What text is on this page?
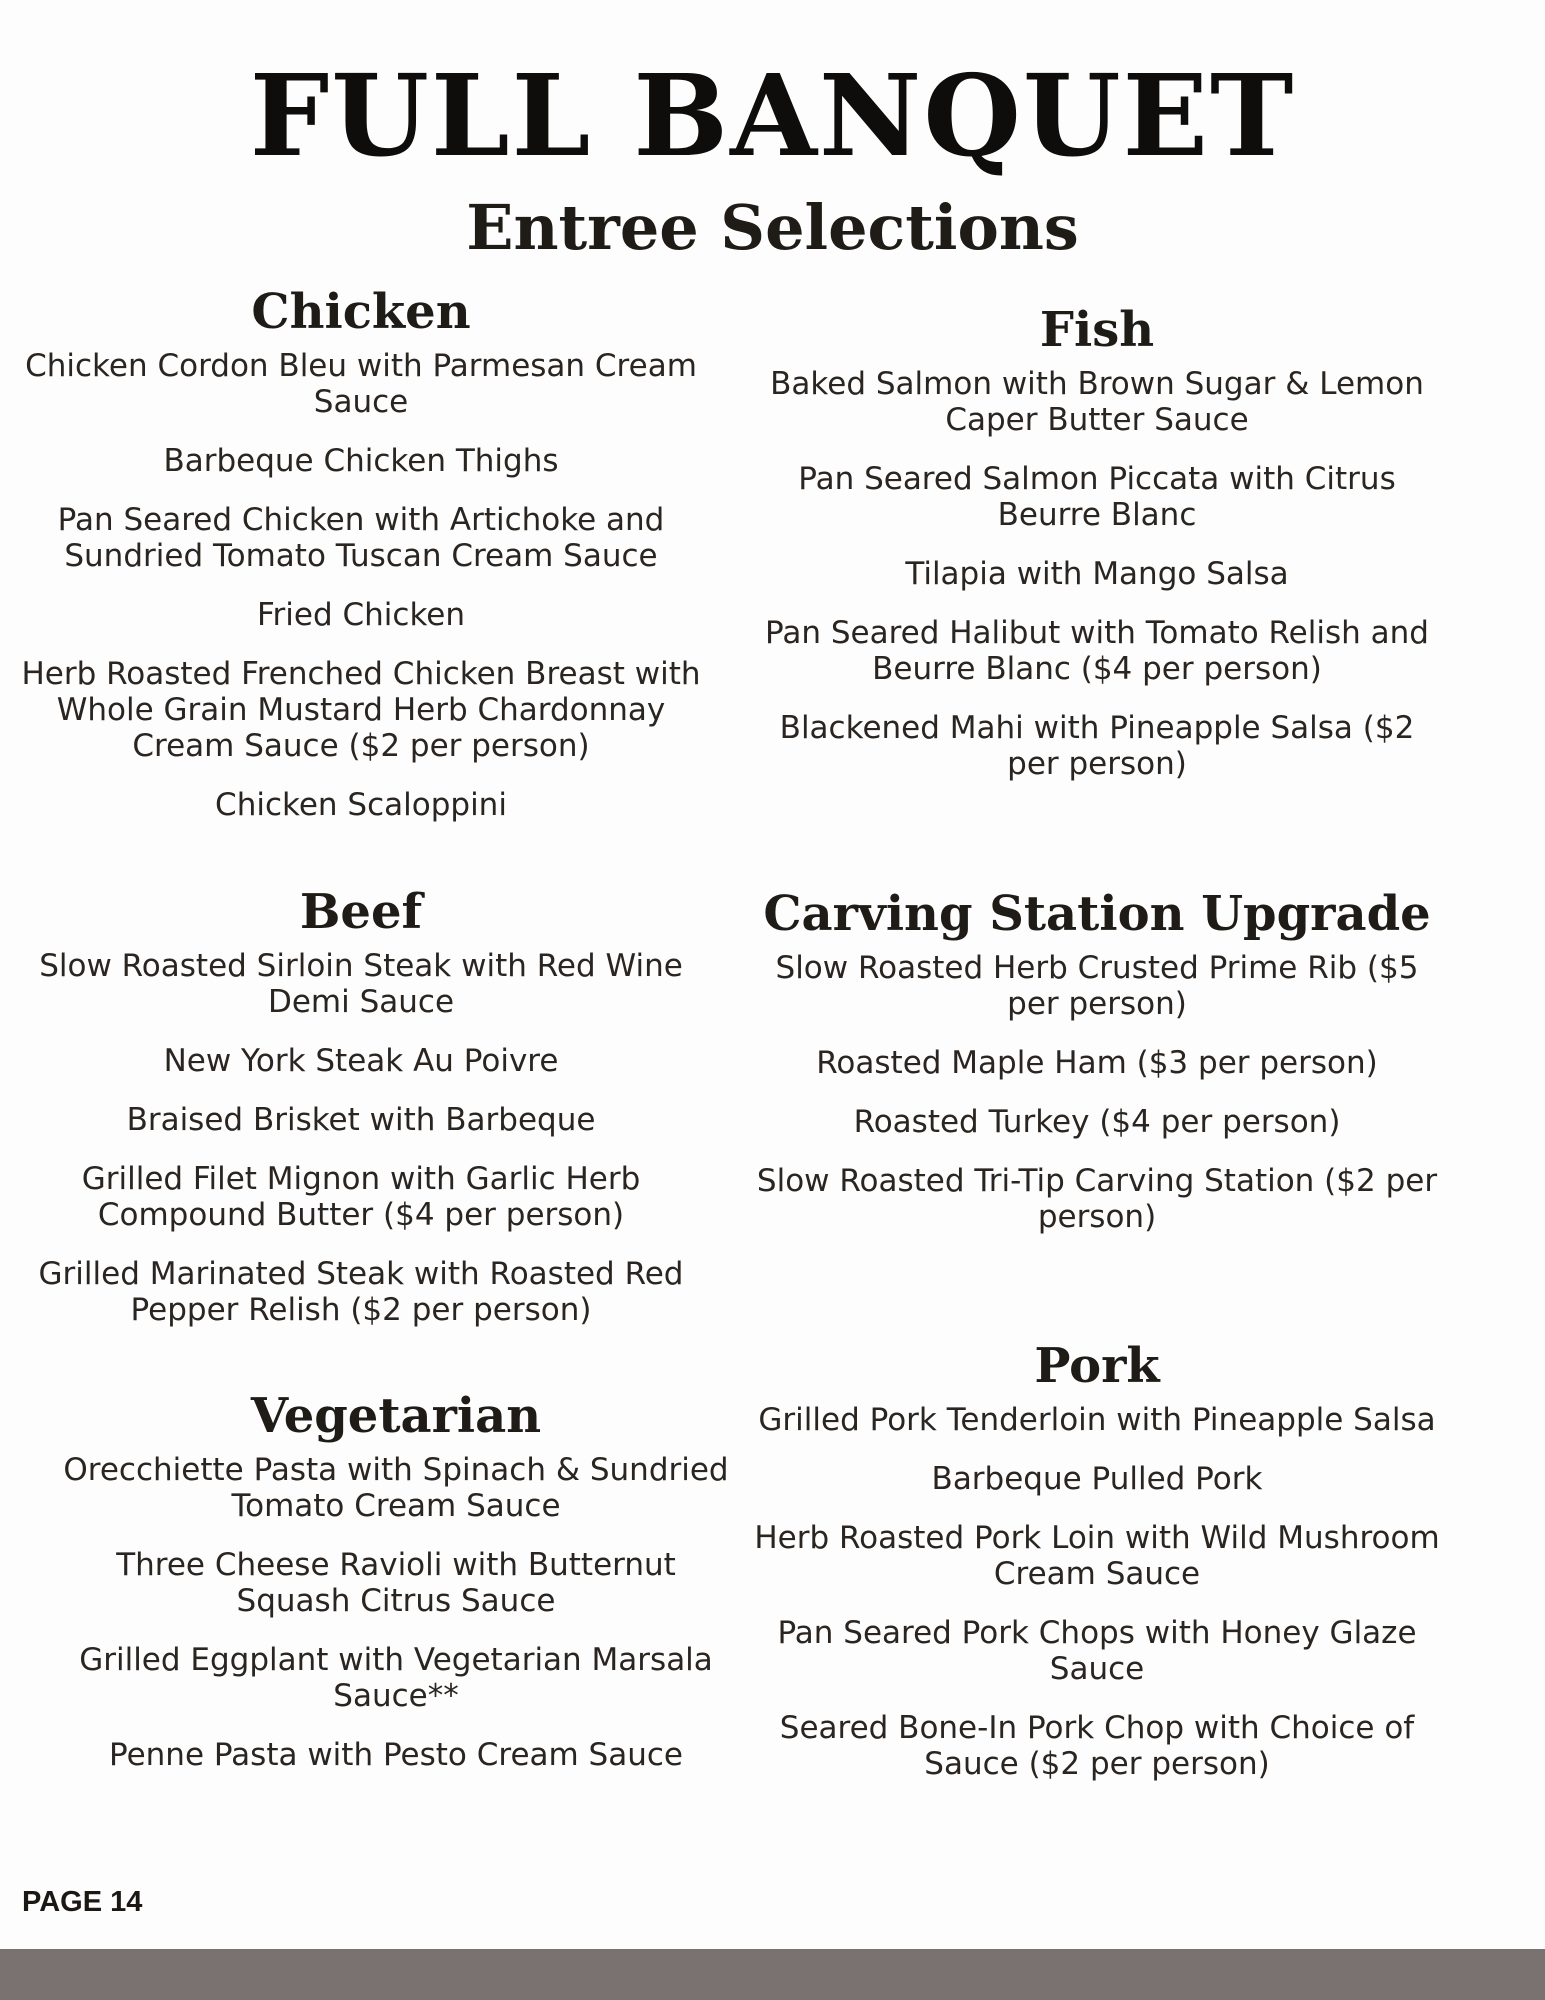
FULL BANQUET
Entree Selections
Chicken
Chicken Cordon Bleu with Parmesan Cream Sauce
Barbeque Chicken Thighs
Pan Seared Chicken with Artichoke and Sundried Tomato Tuscan Cream Sauce
Fried Chicken
Herb Roasted Frenched Chicken Breast with Whole Grain Mustard Herb Chardonnay Cream Sauce ($2 per person)
Chicken Scaloppini
Fish
Baked Salmon with Brown Sugar & Lemon Caper Butter Sauce
Pan Seared Salmon Piccata with Citrus Beurre Blanc
Tilapia with Mango Salsa
Pan Seared Halibut with Tomato Relish and Beurre Blanc ($4 per person)
Blackened Mahi with Pineapple Salsa ($2 per person)
Beef
Slow Roasted Sirloin Steak with Red Wine Demi Sauce
New York Steak Au Poivre
Braised Brisket with Barbeque
Grilled Filet Mignon with Garlic Herb Compound Butter ($4 per person)
Grilled Marinated Steak with Roasted Red Pepper Relish ($2 per person)
Carving Station Upgrade
Slow Roasted Herb Crusted Prime Rib ($5 per person)
Roasted Maple Ham ($3 per person)
Roasted Turkey ($4 per person)
Slow Roasted Tri-Tip Carving Station ($2 per person)
Vegetarian
Orecchiette Pasta with Spinach & Sundried Tomato Cream Sauce
Three Cheese Ravioli with Butternut Squash Citrus Sauce
Grilled Eggplant with Vegetarian Marsala Sauce**
Penne Pasta with Pesto Cream Sauce
Pork
Grilled Pork Tenderloin with Pineapple Salsa
Barbeque Pulled Pork
Herb Roasted Pork Loin with Wild Mushroom Cream Sauce
Pan Seared Pork Chops with Honey Glaze Sauce
Seared Bone-In Pork Chop with Choice of Sauce ($2 per person)
PAGE 14
